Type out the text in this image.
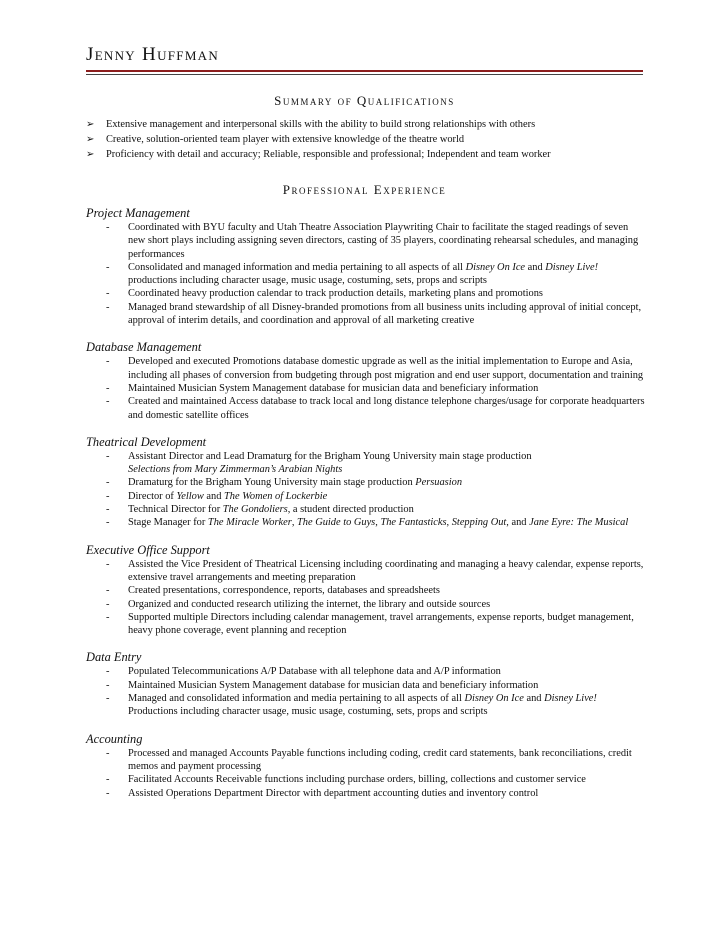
Jenny Huffman
Summary of Qualifications
➢ Extensive management and interpersonal skills with the ability to build strong relationships with others
➢ Creative, solution-oriented team player with extensive knowledge of the theatre world
➢ Proficiency with detail and accuracy; Reliable, responsible and professional; Independent and team worker
Professional Experience
Project Management
- Coordinated with BYU faculty and Utah Theatre Association Playwriting Chair to facilitate the staged readings of seven new short plays including assigning seven directors, casting of 35 players, coordinating rehearsal schedules, and managing performances
- Consolidated and managed information and media pertaining to all aspects of all Disney On Ice and Disney Live! productions including character usage, music usage, costuming, sets, props and scripts
- Coordinated heavy production calendar to track production details, marketing plans and promotions
- Managed brand stewardship of all Disney-branded promotions from all business units including approval of initial concept, approval of interim details, and coordination and approval of all marketing creative
Database Management
- Developed and executed Promotions database domestic upgrade as well as the initial implementation to Europe and Asia, including all phases of conversion from budgeting through post migration and end user support, documentation and training
- Maintained Musician System Management database for musician data and beneficiary information
- Created and maintained Access database to track local and long distance telephone charges/usage for corporate headquarters and domestic satellite offices
Theatrical Development
- Assistant Director and Lead Dramaturg for the Brigham Young University main stage production
Selections from Mary Zimmerman’s Arabian Nights
- Dramaturg for the Brigham Young University main stage production Persuasion
- Director of Yellow and The Women of Lockerbie
- Technical Director for The Gondoliers, a student directed production
- Stage Manager for The Miracle Worker, The Guide to Guys, The Fantasticks, Stepping Out, and Jane Eyre: The Musical
Executive Office Support
- Assisted the Vice President of Theatrical Licensing including coordinating and managing a heavy calendar, expense reports, extensive travel arrangements and meeting preparation
- Created presentations, correspondence, reports, databases and spreadsheets
- Organized and conducted research utilizing the internet, the library and outside sources
- Supported multiple Directors including calendar management, travel arrangements, expense reports, budget management, heavy phone coverage, event planning and reception
Data Entry
- Populated Telecommunications A/P Database with all telephone data and A/P information
- Maintained Musician System Management database for musician data and beneficiary information
- Managed and consolidated information and media pertaining to all aspects of all Disney On Ice and Disney Live! Productions including character usage, music usage, costuming, sets, props and scripts
Accounting
- Processed and managed Accounts Payable functions including coding, credit card statements, bank reconciliations, credit memos and payment processing
- Facilitated Accounts Receivable functions including purchase orders, billing, collections and customer service
- Assisted Operations Department Director with department accounting duties and inventory control
